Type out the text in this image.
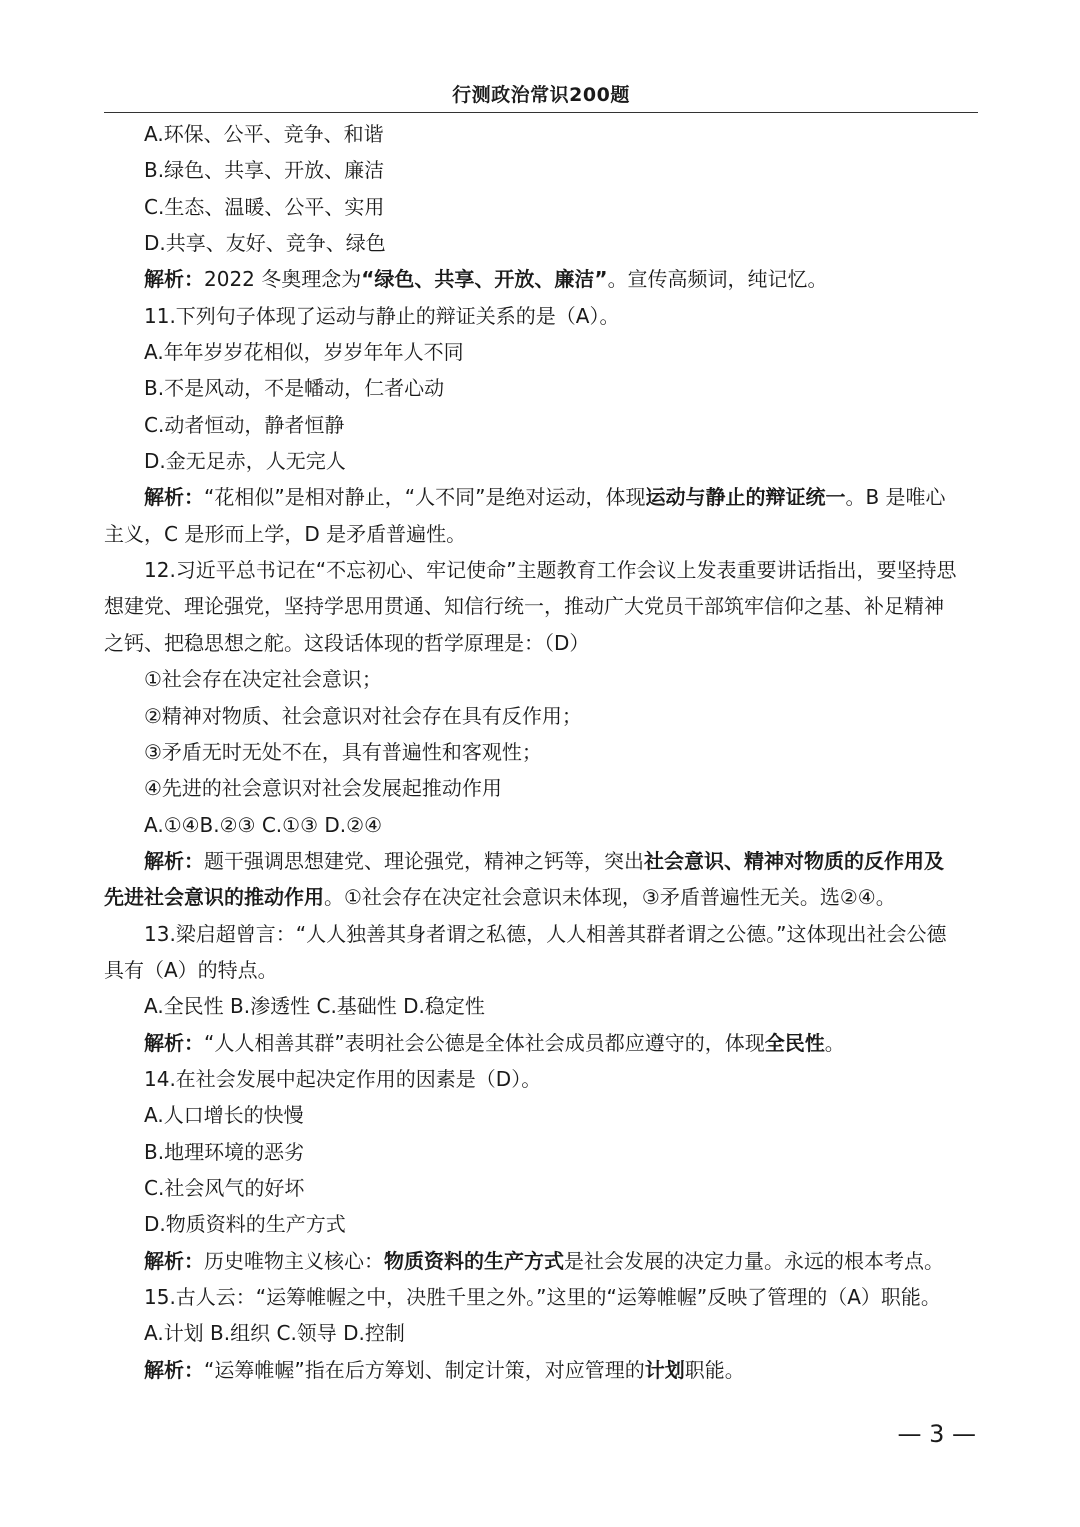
行测政治常识200题
A.环保、公平、竞争、和谐
B.绿色、共享、开放、廉洁
C.生态、温暖、公平、实用
D.共享、友好、竞争、绿色
解析：2022 冬奥理念为“绿色、共享、开放、廉洁”。宣传高频词，纯记忆。
11.下列句子体现了运动与静止的辩证关系的是（A）。
A.年年岁岁花相似，岁岁年年人不同
B.不是风动，不是幡动，仁者心动
C.动者恒动，静者恒静
D.金无足赤，人无完人
解析：“花相似”是相对静止，“人不同”是绝对运动，体现运动与静止的辩证统一。B 是唯心
主义，C 是形而上学，D 是矛盾普遍性。
12.习近平总书记在“不忘初心、牢记使命”主题教育工作会议上发表重要讲话指出，要坚持思
想建党、理论强党，坚持学思用贯通、知信行统一，推动广大党员干部筑牢信仰之基、补足精神
之钙、把稳思想之舵。这段话体现的哲学原理是：（D）
①社会存在决定社会意识；
②精神对物质、社会意识对社会存在具有反作用；
③矛盾无时无处不在，具有普遍性和客观性；
④先进的社会意识对社会发展起推动作用
A.①④B.②③ C.①③ D.②④
解析：题干强调思想建党、理论强党，精神之钙等，突出社会意识、精神对物质的反作用及
先进社会意识的推动作用。①社会存在决定社会意识未体现，③矛盾普遍性无关。选②④。
13.梁启超曾言：“人人独善其身者谓之私德，人人相善其群者谓之公德。”这体现出社会公德
具有（A）的特点。
A.全民性 B.渗透性 C.基础性 D.稳定性
解析：“人人相善其群”表明社会公德是全体社会成员都应遵守的，体现全民性。
14.在社会发展中起决定作用的因素是（D）。
A.人口增长的快慢
B.地理环境的恶劣
C.社会风气的好坏
D.物质资料的生产方式
解析：历史唯物主义核心：物质资料的生产方式是社会发展的决定力量。永远的根本考点。
15.古人云：“运筹帷幄之中，决胜千里之外。”这里的“运筹帷幄”反映了管理的（A）职能。
A.计划 B.组织 C.领导 D.控制
解析：“运筹帷幄”指在后方筹划、制定计策，对应管理的计划职能。
— 3 —
